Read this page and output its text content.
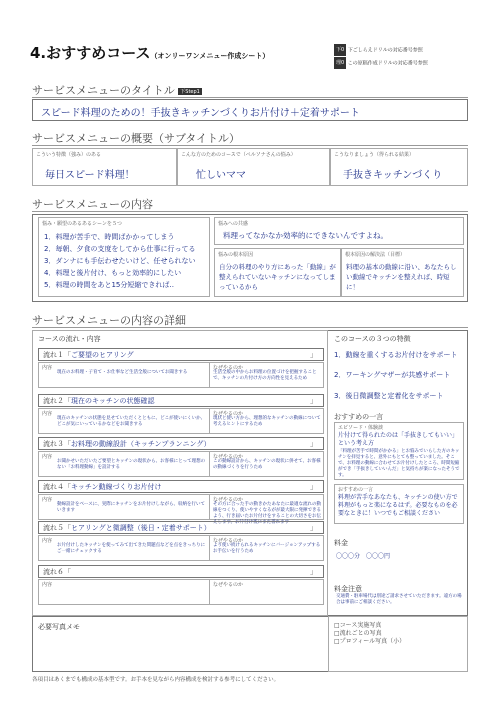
4.おすすめコース（オンリーワンメニュー作成シート）
下0 下ごしらえドリルの対応番号参照
理0 この原稿作成ドリルの対応番号参照
サービスメニューのタイトル 下Step1
スピード料理のための！手抜きキッチンづくりお片付け＋定着サポート
サービスメニューの概要（サブタイトル）
こういう特徴（強み）のある
毎日スピード料理！
こんな方のためのコースで（ペルソナさんの悩み）
忙しいママ
こうなりましょう（得られる結果）
手抜きキッチンづくり
サービスメニューの内容
悩み・願望のあるあるシーンを５つ
1．料理が苦手で、時間ばかかってしまう
2．毎朝、夕食の支度をしてから仕事に行ってる
3．ダンナにも手伝わせたいけど、任せられない
4．料理と後片付け、もっと効率的にしたい
5．料理の時間をあと15分短縮できれば‥
悩みへの共感
料理ってなかなか効率的にできないんですよね。
悩みの根本原因
自分の料理のやり方にあった「動線」が整えられていないキッチンになってしまっているから
根本原因の解決法（目標）
料理の基本の動線に沿い、あなたらしい動線でキッチンを整えれば、時短に！
サービスメニューの内容の詳細
コースの流れ・内容
流れ１「ご要望のヒアリング	」
内容
現在のお料理・子育て・お仕事など生活全般についてお聞きする
なぜやるのか
生活全般の中からお料理の位置づけを把握することで、キッチンの片付け方の方向性を見えるため
流れ２「現在のキッチンの状態確認	」
内容
現在のキッチンの状態を見せていただくとともに、どこが使いにくいか、どこが気にいっているかなどをお聞きする
なぜやるのか
現状と使い方から、理想的なキッチンの動線について考えるヒントにするため
流れ３「お料理の動線設計（キッチンプランニング）	」
内容
お聞かせいただいたご要望とキッチンの現状から、お客様にとって理想のない「お料理動線」を設計する
なぜやるのか
この動線設計から、キッチンの現状に併せて、お客様の動線づくりを行うため
流れ４「キッチン動線づくりお片付け	」
内容
動線設計をベースに、実際にキッチンをお片付けしながら、収納を行いていきます
なぜやるのか
その方に合った手の動きかたあなたに最適な流れの動線をつくり、使いやすくなるがが最大限に発揮できるよう、行き届いたお片付けをすることの大切さをお伝えします。お片付け後にまた着れます
流れ５「ヒアリングと微調整（後日・定着サポート）	」
内容
お片付けしたキッチンを使ってみて出てきた問題点などを点をきっちりにご一緒にチェックする
なぜやるのか
より使い続けられるキッチンにバージョンアップするお手伝いを行うため
流れ６「	」
内容	なぜやるのか
このコースの３つの特徴
1．動線を重くするお片付けをサポート
2．ワーキングマザーが共感サポート
3．後日微調整と定着化をサポート
おすすめの一言
エピソード・体験談
片付けて得られたのは「手抜きしてもいい」という考え方
「料理が苦手で時間がかかる」とお悩みでいらした方のキッチンを拝見すると、意外にもとても整っていました。そこで、お料理の動線に合わせてお片付けしたところ、時間短縮ができ「手抜きしていいんだ」と気持ちが楽になったそうです。
おすすめの一言
料理が苦手なあなたも、キッチンの使い方で料理がもっと楽になるはず。必要なものを必要なときに！いつでもご相談ください
料金
〇〇〇分　〇〇〇円
料金注意
交通費・駐車場代は別途ご請求させていただきます。遠方の場合は事前にご相談ください。
必要写真メモ	□コース実施写真
□流れごとの写真
□プロフィール写真（小）
各項目はあくまでも構成の基本型です。お手本を見ながら内容構成を検討する参考にしてください。
